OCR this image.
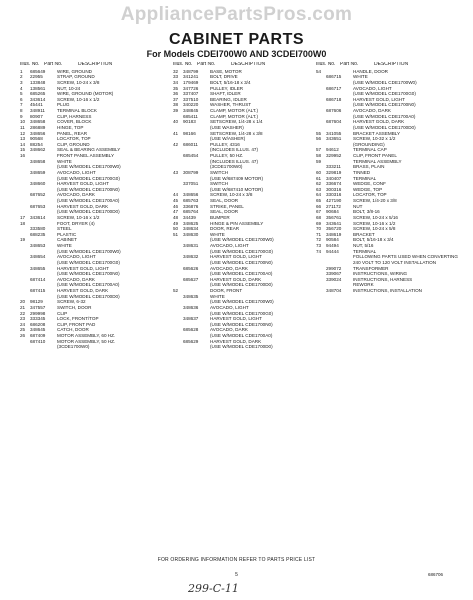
AppliancePartsPros.com
CABINET PARTS
For Models CDEI700W0 AND 3CDEI700W0
Illus. No. Part No.	DESCRIPTION
1	685649	WIRE, GROUND
2	22955	STRAP, GROUND
3	133848	SCREW, 10-24 x 3/8
4	138561	NUT, 10-24
5	685265	WIRE, GROUND (MOTOR)
6	343614	SCREW, 10-16 x 1/2
7	45441	PLUG
8	348911	TERMINAL BLOCK
9	80907	CLIP, HARNESS
10	348658	COVER, BLOCK
11	286889	HINGE, TOP
12	348656	PANEL, REAR
13	90568	LOCATOR, TOP
14	88254	CLIP, GROUND
15	348662	SEAL & BEARING ASSEMBLY
16	FRONT PANEL ASSEMBLY
348658	WHITE
(USE W/MODEL CDE1700W0)
348659	AVOCADO, LIGHT
(USE W/MODEL CDE1700G0)
348660	HARVEST GOLD, LIGHT
(USE W/MODEL CDE1700N0)
687652	AVOCADO, DARK
(USE W/MODEL CDE1700A0)
687653	HARVEST GOLD, DARK
(USE W/MODEL CDE1700D0)
17	343614	SCREW, 10-16 x 1/2
18	FOOT, DRYER (4)
333580	STEEL
688235	PLASTIC
19	CABINET
348653	WHITE
(USE W/MODEL CDE1700W0)
348654	AVOCADO, LIGHT
(USE W/MODEL CDE1700G0)
348655	HARVEST GOLD, LIGHT
(USE W/MODEL CDE1700N0)
687414	AVOCADO, DARK
(USE W/MODEL CDE1700A0)
687415	HARVEST GOLD, DARK
(USE W/MODEL CDE1700D0)
20	98129	SCREW, 6-32
21	347557	SWITCH, DOOR
22	299998	CLIP
23	333345	LOCK, FRONT/TOP
24	686208	CLIP, FRONT PAD
25	348645	CATCH, DOOR
26	687409	MOTOR ASSEMBLY, 60 HZ.
687410	MOTOR ASSEMBLY, 50 HZ.
(3CDE1700W0)
Illus. No. Part No.	DESCRIPTION
32	348799	BASE, MOTOR
33	341241	BOLT, DRIVE
34	179469	BOLT, 5/16-18 x 3/4
35	347726	PULLEY, IDLER
36	337407	SHAFT, IDLER
37	337510	BEARING, IDLER
38	340220	WASHER, THRUST
39	348845	CLAMP, MOTOR (ALT.)
685411	CLAMP, MOTOR (ALT.)
40	90183	SETSCREW, 1/4-28 x 1/4
(USE WASHER)
41	98166	SETSCREW, 1/4-28 x 3/8
(USE W/ASHER)
42	686011	PULLEY, 4316
(INCLUDES ILLUS. 47)
685454	PULLEY, 50 HZ.
(INCLUDES ILLUS. 47)
(3CDE1700W0)
43	308799	SWITCH
(USE W/687409 MOTOR)
337051	SWITCH
(USE W/687410 MOTOR)
44	348656	SCREW, 10-24 x 3/8
45	685763	SEAL, DOOR
46	336876	STRIKE, PANEL
47	685764	SEAL, DOOR
48	34439	BUMPER
49	348625	HINGE & PIN ASSEMBLY
50	348634	DOOR, REAR
51	348630	WHITE
(USE W/MODEL CDE1700W0)
348631	AVOCADO, LIGHT
(USE W/MODEL CDE1700G0)
348632	HARVEST GOLD, LIGHT
(USE W/MODEL CDE1700N0)
685626	AVOCADO, DARK
(USE W/MODEL CDE1700A0)
685627	HARVEST GOLD, DARK
(USE W/MODEL CDE1700D0)
52	DOOR, FRONT
348635	WHITE
(USE W/MODEL CDE1700W0)
348636	AVOCADO, LIGHT
(USE W/MODEL CDE1700G0)
348637	HARVEST GOLD, LIGHT
(USE W/MODEL CDE1700N0)
685628	AVOCADO, DARK
(USE W/MODEL CDE1700A0)
685629	HARVEST GOLD, DARK
(USE W/MODEL CDE1700D0)
Illus. No. Part No.	DESCRIPTION
54	HANDLE, DOOR
686715	WHITE
(USE W/MODEL CDE1700W0)
686717	AVOCADO, LIGHT
(USE W/MODEL CDE1700G0)
686718	HARVEST GOLD, LIGHT
(USE W/MODEL CDE1700N0)
687606	AVOCADO, DARK
(USE W/MODEL CDE1700A0)
687604	HARVEST GOLD, DARK
(USE W/MODEL CDE1700D0)
55	341055	BRACKET ASSEMBLY
56	343651	SCREW, 10-32 x 1/2
(GROUNDING)
57	94612	TERMINAL CAP
58	329952	CLIP, FRONT PANEL
59	TERMINAL ASSEMBLY
333211	BRASS, PLAIN
60	329819	TINNED
61	340407	TERMINAL
62	336674	WEDGE, CONF
63	300316	WEDGE, TOP
64	330316	LOCATOR, TOP
65	427190	SCREW, 1/4-20 x 3/8
66	271172	NUT
67	90684	BOLT, 3/8-16
68	356761	SCREW, 10-24 x 5/16
69	343641	SCREW, 10-16 x 1/2
70	356720	SCREW, 10-24 x 5/8
71	348619	BRACKET
72	90584	BOLT, 5/16-18 x 3/4
73	94494	NUT, 5/16
74	94444	TERMINAL
FOLLOWING PARTS USED WHEN CONVERTING
240 VOLT TO 120 VOLT INSTALLATION
299072	TRANSFORMER
339067	INSTRUCTIONS, WIRING
339024	INSTRUCTIONS, HARNESS
REWORK
348704	INSTRUCTIONS, INSTALLATION
FOR ORDERING INFORMATION REFER TO PARTS PRICE LIST
5	686706
299-C-11
